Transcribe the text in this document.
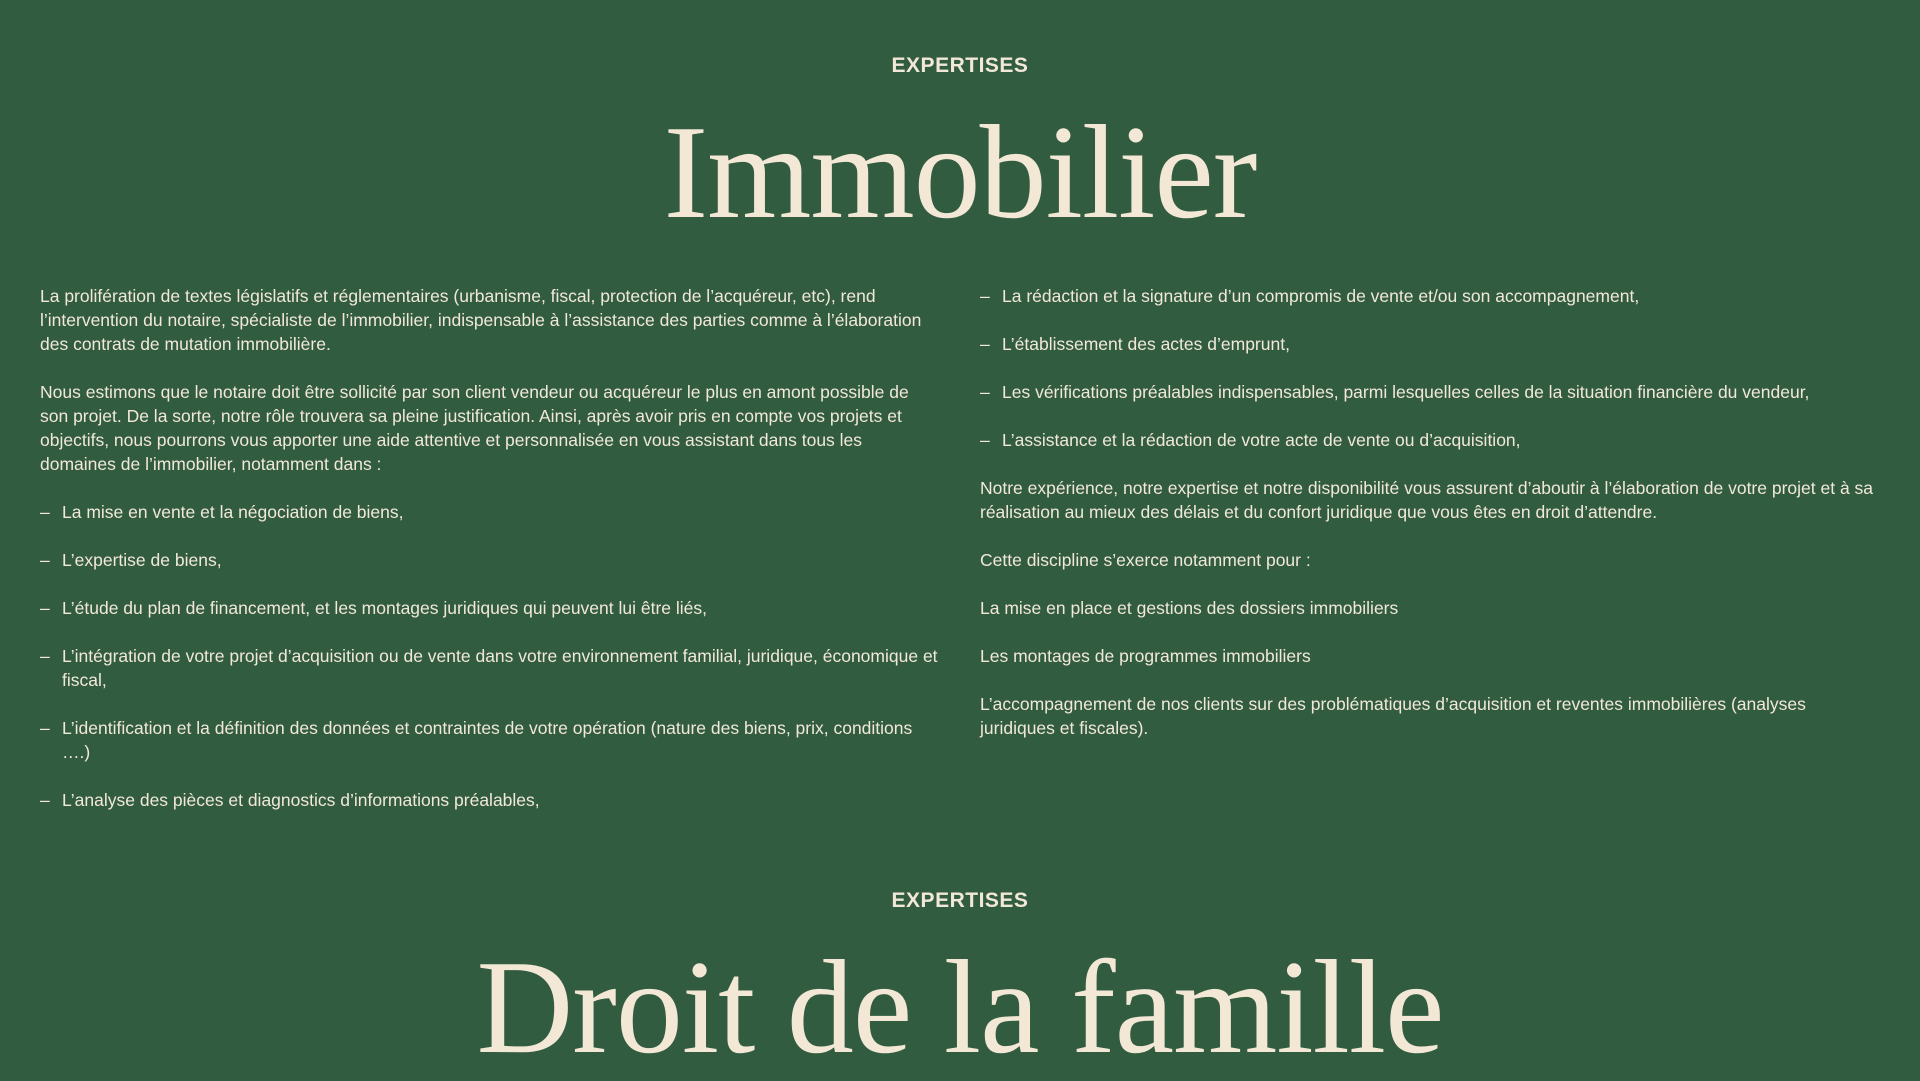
EXPERTISES
Immobilier

La prolifération de textes législatifs et réglementaires (urbanisme, fiscal, protection de l’acquéreur, etc), rend l’intervention du notaire, spécialiste de l’immobilier, indispensable à l’assistance des parties comme à l’élaboration des contrats de mutation immobilière.

Nous estimons que le notaire doit être sollicité par son client vendeur ou acquéreur le plus en amont possible de son projet. De la sorte, notre rôle trouvera sa pleine justification. Ainsi, après avoir pris en compte vos projets et objectifs, nous pourrons vous apporter une aide attentive et personnalisée en vous assistant dans tous les domaines de l’immobilier, notamment dans :

– La mise en vente et la négociation de biens,
– L’expertise de biens,
– L’étude du plan de financement, et les montages juridiques qui peuvent lui être liés,
– L’intégration de votre projet d’acquisition ou de vente dans votre environnement familial, juridique, économique et fiscal,
– L’identification et la définition des données et contraintes de votre opération (nature des biens, prix, conditions ….)
– L’analyse des pièces et diagnostics d’informations préalables,
– La rédaction et la signature d’un compromis de vente et/ou son accompagnement,
– L’établissement des actes d’emprunt,
– Les vérifications préalables indispensables, parmi lesquelles celles de la situation financière du vendeur,
– L’assistance et la rédaction de votre acte de vente ou d’acquisition,

Notre expérience, notre expertise et notre disponibilité vous assurent d’aboutir à l’élaboration de votre projet et à sa réalisation au mieux des délais et du confort juridique que vous êtes en droit d’attendre.

Cette discipline s’exerce notamment pour :

La mise en place et gestions des dossiers immobiliers

Les montages de programmes immobiliers

L’accompagnement de nos clients sur des problématiques d’acquisition et reventes immobilières (analyses juridiques et fiscales).

EXPERTISES
Droit de la famille
